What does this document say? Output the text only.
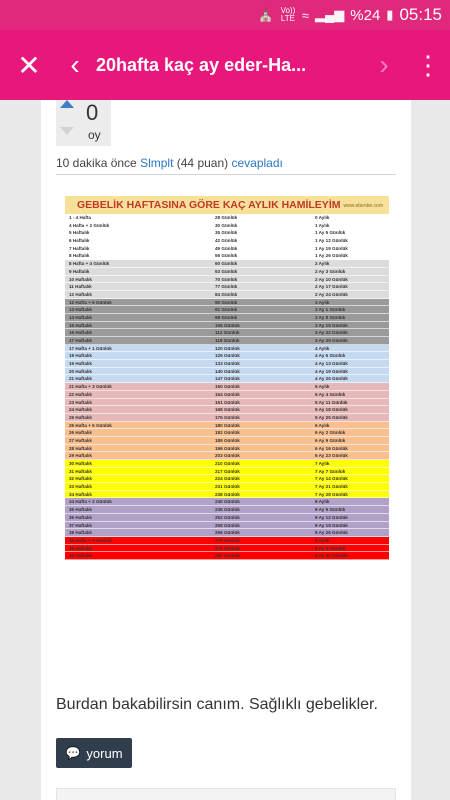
⛪ Vo))
LTE ≈ ▂▄▆ %24 ▮ 05:15
✕	‹ 20hafta kaç ay eder-Ha...	›	⋮
0
oy
10 dakika önce Slmplt (44 puan) cevapladı
GEBELİK HAFTASINA GÖRE KAÇ AYLIK HAMİLEYİM www.ebenbe.com
1 - 4 Hafta	28 Günlük	0 Aylık
4 Hafta + 2 Günlük	30 Günlük	1 Aylık
5 Haftalık	35 Günlük	1 Ay 5 Günlük
6 Haftalık	42 Günlük	1 Ay 12 Günlük
7 Haftalık	49 Günlük	1 Ay 19 Günlük
8 Haftalık	56 Günlük	1 Ay 26 Günlük
8 Hafta + 4 Günlük	60 Günlük	2 Aylık
9 Haftalık	63 Günlük	2 Ay 3 Günlük
10 Haftalık	70 Günlük	2 Ay 10 Günlük
11 Haftalık	77 Günlük	2 Ay 17 Günlük
12 Haftalık	84 Günlük	2 Ay 24 Günlük
12 Hafta + 6 Günlük	90 Günlük	3 Aylık
13 Haftalık	91 Günlük	3 Ay 1 Günlük
14 Haftalık	98 Günlük	3 Ay 8 Günlük
15 Haftalık	105 Günlük	3 Ay 15 Günlük
16 Haftalık	112 Günlük	3 Ay 22 Günlük
17 Haftalık	119 Günlük	3 Ay 29 Günlük
17 Hafta + 1 Günlük	120 Günlük	4 Aylık
18 Haftalık	126 Günlük	4 Ay 6 Günlük
19 Haftalık	133 Günlük	4 Ay 13 Günlük
20 Haftalık	140 Günlük	4 Ay 19 Günlük
21 Haftalık	147 Günlük	4 Ay 26 Günlük
21 Hafta + 3 Günlük	150 Günlük	5 Aylık
22 Haftalık	154 Günlük	5 Ay 4 Günlük
23 Haftalık	161 Günlük	5 Ay 11 Günlük
24 Haftalık	168 Günlük	5 Ay 18 Günlük
25 Haftalık	175 Günlük	5 Ay 25 Günlük
25 Hafta + 5 Günlük	180 Günlük	6 Aylık
26 Haftalık	182 Günlük	6 Ay 2 Günlük
27 Haftalık	189 Günlük	6 Ay 9 Günlük
28 Haftalık	196 Günlük	6 Ay 16 Günlük
29 Haftalık	203 Günlük	6 Ay 23 Günlük
30 Haftalık	210 Günlük	7 Aylık
31 Haftalık	217 Günlük	7 Ay 7 Günlük
32 Haftalık	224 Günlük	7 Ay 14 Günlük
33 Haftalık	231 Günlük	7 Ay 21 Günlük
34 Haftalık	238 Günlük	7 Ay 28 Günlük
34 Hafta + 2 Günlük	240 Günlük	8 Aylık
35 Haftalık	245 Günlük	8 Ay 5 Günlük
36 Haftalık	252 Günlük	8 Ay 12 Günlük
37 Haftalık	259 Günlük	8 Ay 19 Günlük
38 Haftalık	266 Günlük	8 Ay 26 Günlük
38 Hafta + 4 Günlük	270 Günlük	9 Aylık
39 Haftalık	273 Günlük	9 Ay 3 Günlük
40 Haftalık	280 Günlük	9 Ay 10 Günlük
Burdan bakabilirsin canım. Sağlıklı gebelikler.
💬 yorum
